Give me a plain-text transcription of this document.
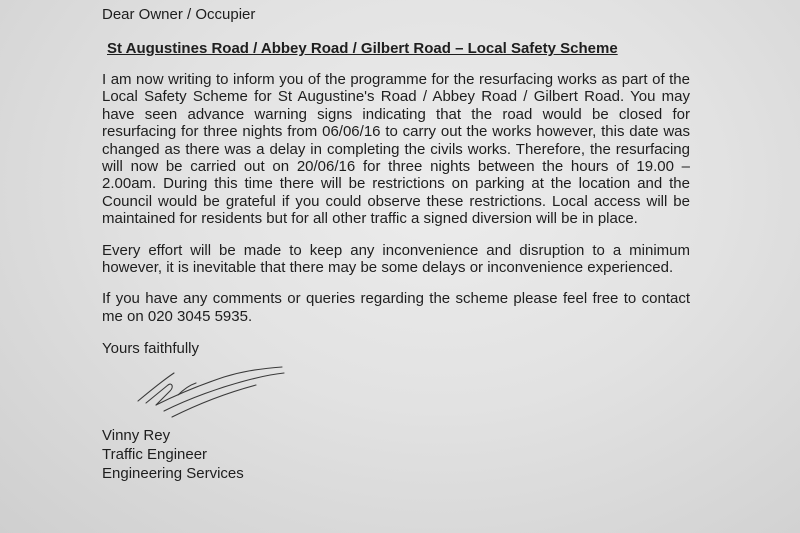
Dear Owner / Occupier

St Augustines Road / Abbey Road / Gilbert Road – Local Safety Scheme

I am now writing to inform you of the programme for the resurfacing works as part of the Local Safety Scheme for St Augustine's Road / Abbey Road / Gilbert Road. You may have seen advance warning signs indicating that the road would be closed for resurfacing for three nights from 06/06/16 to carry out the works however, this date was changed as there was a delay in completing the civils works. Therefore, the resurfacing will now be carried out on 20/06/16 for three nights between the hours of 19.00 – 2.00am. During this time there will be restrictions on parking at the location and the Council would be grateful if you could observe these restrictions. Local access will be maintained for residents but for all other traffic a signed diversion will be in place.

Every effort will be made to keep any inconvenience and disruption to a minimum however, it is inevitable that there may be some delays or inconvenience experienced.

If you have any comments or queries regarding the scheme please feel free to contact me on 020 3045 5935.

Yours faithfully

Vinny Rey
Traffic Engineer
Engineering Services
